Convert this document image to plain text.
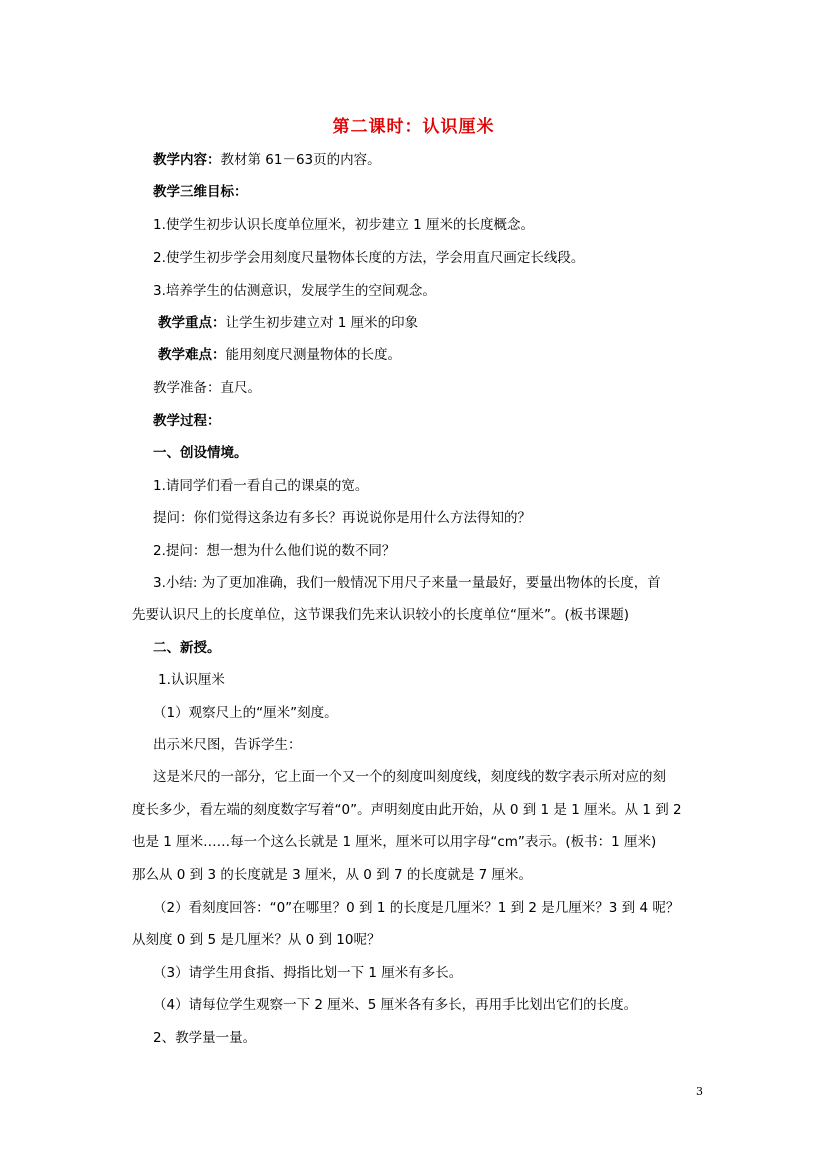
第二课时：认识厘米
教学内容：教材第 61－63页的内容。
教学三维目标：
1.使学生初步认识长度单位厘米，初步建立 1 厘米的长度概念。
2.使学生初步学会用刻度尺量物体长度的方法，学会用直尺画定长线段。
3.培养学生的估测意识，发展学生的空间观念。
教学重点：让学生初步建立对 1 厘米的印象
教学难点：能用刻度尺测量物体的长度。
教学准备：直尺。
教学过程：
一、创设情境。
1.请同学们看一看自己的课桌的宽。
提问：你们觉得这条边有多长？再说说你是用什么方法得知的？
2.提问：想一想为什么他们说的数不同？
3.小结: 为了更加准确，我们一般情况下用尺子来量一量最好，要量出物体的长度，首
先要认识尺上的长度单位，这节课我们先来认识较小的长度单位“厘米”。(板书课题)
二、新授。
1.认识厘米
（1）观察尺上的“厘米”刻度。
出示米尺图，告诉学生：
这是米尺的一部分，它上面一个又一个的刻度叫刻度线，刻度线的数字表示所对应的刻
度长多少，看左端的刻度数字写着“0”。声明刻度由此开始，从 0 到 1 是 1 厘米。从 1 到 2
也是 1 厘米……每一个这么长就是 1 厘米，厘米可以用字母“cm”表示。(板书：1 厘米)
那么从 0 到 3 的长度就是 3 厘米，从 0 到 7 的长度就是 7 厘米。
（2）看刻度回答：“0”在哪里？0 到 1 的长度是几厘米？1 到 2 是几厘米？3 到 4 呢？
从刻度 0 到 5 是几厘米？从 0 到 10呢？
（3）请学生用食指、拇指比划一下 1 厘米有多长。
（4）请每位学生观察一下 2 厘米、5 厘米各有多长，再用手比划出它们的长度。
2、教学量一量。
3
